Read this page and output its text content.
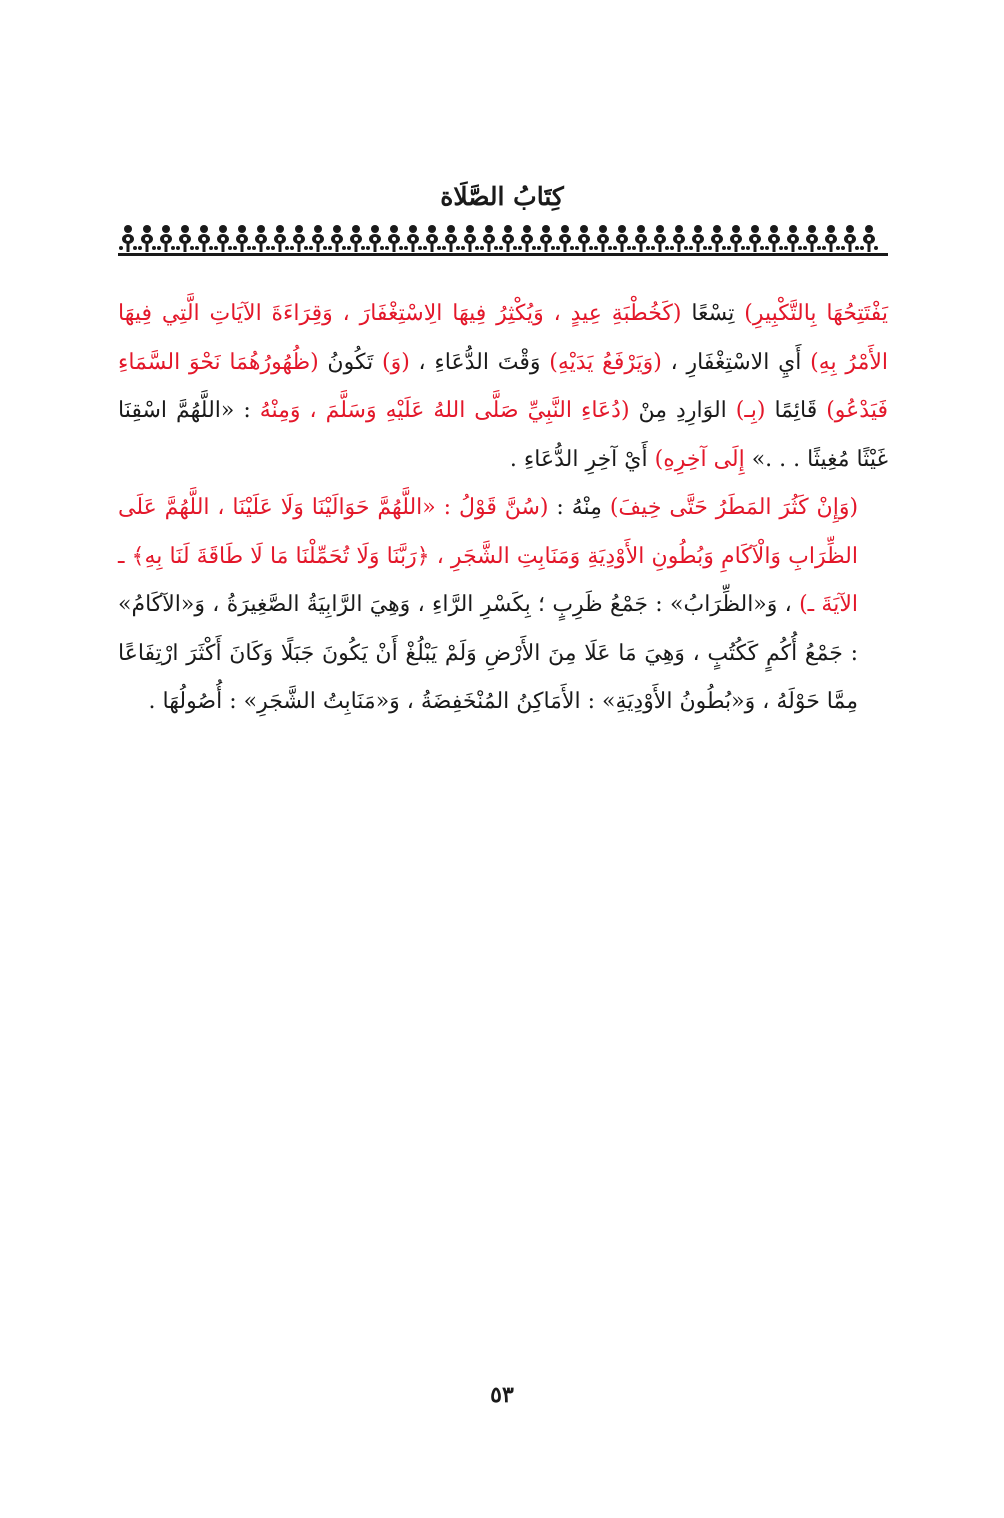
كِتَابُ الصَّلَاة

يَفْتَتِحُهَا بِالتَّكْبِيرِ) تِسْعًا (كَخُطْبَةِ عِيدٍ ، وَيُكْثِرُ فِيهَا الِاسْتِغْفَارَ ، وَقِرَاءَةَ الآيَاتِ الَّتِي فِيهَا الأَمْرُ بِهِ) أَيِ الاسْتِغْفَارِ ، (وَيَرْفَعُ يَدَيْهِ) وَقْتَ الدُّعَاءِ ، (وَ) تَكُونُ (ظُهُورُهُمَا نَحْوَ السَّمَاءِ فَيَدْعُو) قَائِمًا (بِـ) الوَارِدِ مِنْ (دُعَاءِ النَّبِيِّ صَلَّى اللهُ عَلَيْهِ وَسَلَّمَ ، وَمِنْهُ : «اللَّهُمَّ اسْقِنَا غَيْثًا مُغِيثًا . . .» إِلَى آخِرِهِ) أَيْ آخِرِ الدُّعَاءِ .

(وَإِنْ كَثُرَ المَطَرُ حَتَّى خِيفَ) مِنْهُ : (سُنَّ قَوْلُ : «اللَّهُمَّ حَوَالَيْنَا وَلَا عَلَيْنَا ، اللَّهُمَّ عَلَى الظِّرَابِ وَالْآكَامِ وَبُطُونِ الأَوْدِيَةِ وَمَنَابِتِ الشَّجَرِ ، ﴿رَبَّنَا وَلَا تُحَمِّلْنَا مَا لَا طَاقَةَ لَنَا بِهِ﴾ ـ الآيَةَ ـ) ، وَ«الظِّرَابُ» : جَمْعُ ظَرِبٍ ؛ بِكَسْرِ الرَّاءِ ، وَهِيَ الرَّابِيَةُ الصَّغِيرَةُ ، وَ«الآكَامُ» : جَمْعُ أُكُمٍ كَكُتُبٍ ، وَهِيَ مَا عَلَا مِنَ الأَرْضِ وَلَمْ يَبْلُغْ أَنْ يَكُونَ جَبَلًا وَكَانَ أَكْثَرَ ارْتِفَاعًا مِمَّا حَوْلَهُ ، وَ«بُطُونُ الأَوْدِيَةِ» : الأَمَاكِنُ المُنْخَفِضَةُ ، وَ«مَنَابِتُ الشَّجَرِ» : أُصُولُهَا .

٥٣
